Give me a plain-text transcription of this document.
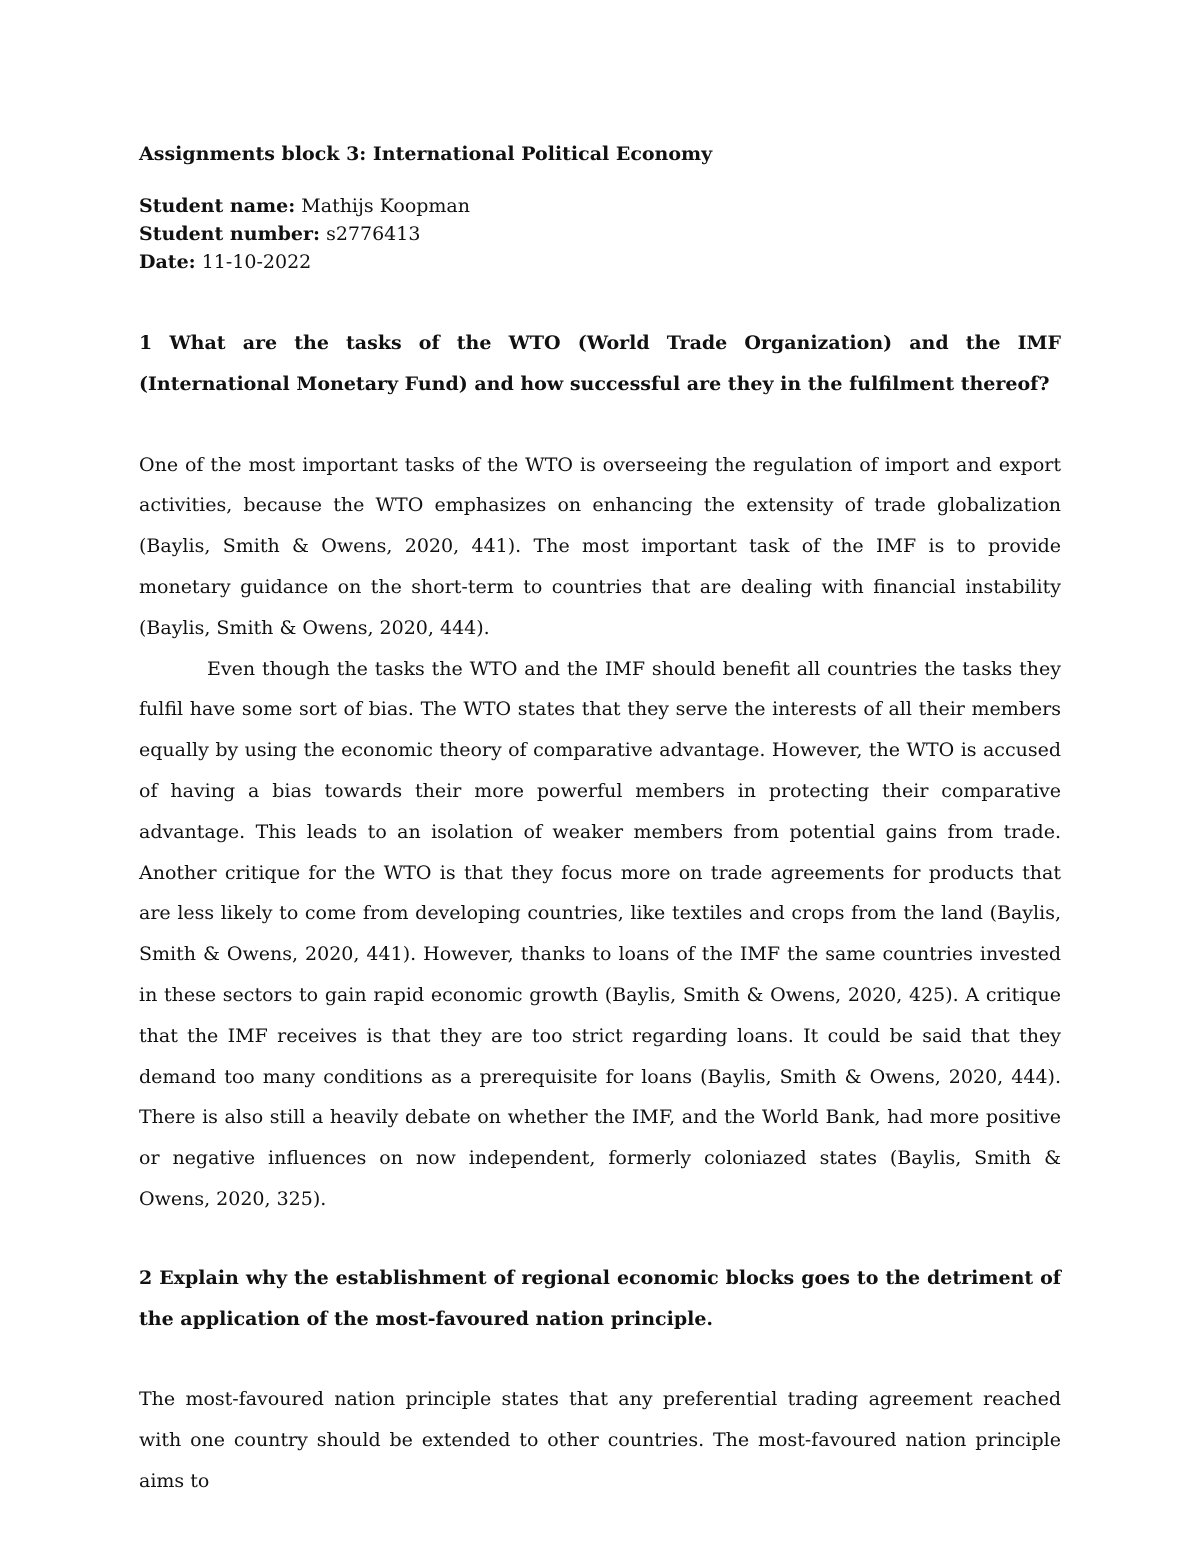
Assignments block 3: International Political Economy

Student name: Mathijs Koopman
Student number: s2776413
Date: 11-10-2022

1 What are the tasks of the WTO (World Trade Organization) and the IMF (International Monetary Fund) and how successful are they in the fulfilment thereof?

One of the most important tasks of the WTO is overseeing the regulation of import and export activities, because the WTO emphasizes on enhancing the extensity of trade globalization (Baylis, Smith & Owens, 2020, 441). The most important task of the IMF is to provide monetary guidance on the short-term to countries that are dealing with financial instability (Baylis, Smith & Owens, 2020, 444).

Even though the tasks the WTO and the IMF should benefit all countries the tasks they fulfil have some sort of bias. The WTO states that they serve the interests of all their members equally by using the economic theory of comparative advantage. However, the WTO is accused of having a bias towards their more powerful members in protecting their comparative advantage. This leads to an isolation of weaker members from potential gains from trade. Another critique for the WTO is that they focus more on trade agreements for products that are less likely to come from developing countries, like textiles and crops from the land (Baylis, Smith & Owens, 2020, 441). However, thanks to loans of the IMF the same countries invested in these sectors to gain rapid economic growth (Baylis, Smith & Owens, 2020, 425). A critique that the IMF receives is that they are too strict regarding loans. It could be said that they demand too many conditions as a prerequisite for loans (Baylis, Smith & Owens, 2020, 444). There is also still a heavily debate on whether the IMF, and the World Bank, had more positive or negative influences on now independent, formerly coloniazed states (Baylis, Smith & Owens, 2020, 325).

2 Explain why the establishment of regional economic blocks goes to the detriment of the application of the most-favoured nation principle.

The most-favoured nation principle states that any preferential trading agreement reached with one country should be extended to other countries. The most-favoured nation principle aims to
